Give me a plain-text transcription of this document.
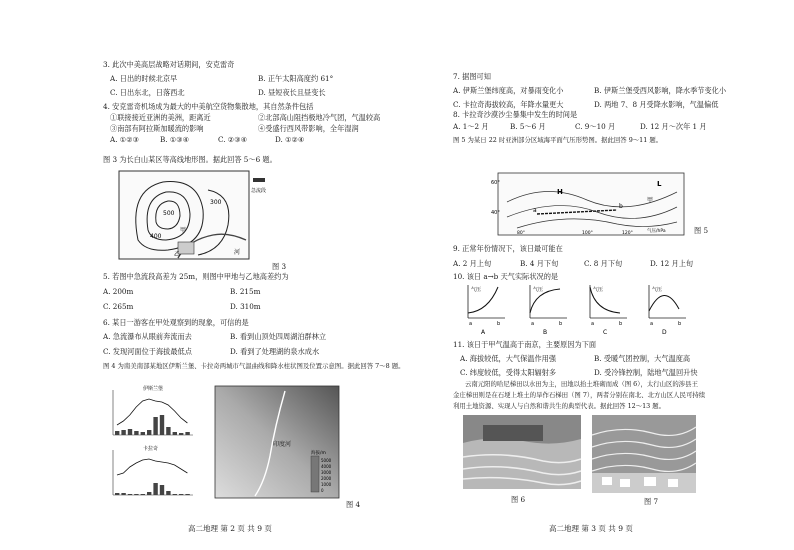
3. 此次中美高层战略对话期间，安克雷奇
A. 日出的时候北京早	B. 正午太阳高度约 61°
C. 日出东北，日落西北	D. 昼短夜长且昼变长
4. 安克雷奇机场成为最大的中美航空货物集散地，其自然条件包括
①联接接近亚洲的美洲，距离近	②北部高山阻挡极地冷气团，气温较高
③南部有阿拉斯加暖流的影响	④受盛行西风带影响，全年湿润
A. ①②③	B. ①③④	C. ②③④	D. ①②④
图 3 为长白山某区等高线地形图。据此回答 5～6 题。
5. 若图中急流段高差为 25m，则图中甲地与乙地高差约为
A. 200m	B. 215m
C. 265m	D. 310m
6. 某日一游客在甲处观察到的现象，可信的是
A. 急流瀑布从眼前奔流而去	B. 看到山顶处四周湖泊群林立
C. 发现河面位于海拔最低点	D. 看到了处理湖的泉水成水
图 4 为南美南部某地区伊斯兰堡、卡拉奇两城市气温曲线和降水柱状图及位置示意图。据此回答 7～8 题。
7. 据图可知
A. 伊斯兰堡纬度高，对暴雨变化小	B. 伊斯兰堡受西风影响，降水季节变化小
C. 卡拉奇海拔较高，年降水量更大	D. 两地 7、8 月受降水影响，气温偏低
8. 卡拉奇沙漠沙尘暴集中发生的时间是
A. 1～2 月	B. 5～6 月	C. 9～10 月	D. 12 月～次年 1 月
图 5 为某日 22 时亚洲部分区域海平面气压形势图。据此回答 9～11 题。
9. 正常年份情况下，该日最可能在
A. 2 月上旬	B. 4 月下旬	C. 8 月下旬	D. 12 月上旬
10. 该日 a→b 天气实际状况的是
11. 该日于甲气温高于南京，主要原因为下面
A. 海拔较低，大气保温作用强	B. 受暖气团控制，大气温度高
C. 纬度较低，受得太阳辐射多	D. 受冷锋控制，陆地气温回升快
云南元阳的哈尼梯田以水田为主，田地以抬土堆砌而成（图 6），太行山区的涉县王
金庄梯田则是在石埂上堆土的旱作石梯田（图 7），两者分别在南北、北方山区人民可持续
利用土地资源、实现人与自然和谐共生的典型代表。据此回答 12～13 题。
500
400
300
甲
乙
急流段
河
图 3
伊斯兰堡
卡拉奇
印度河
海拔/m
5000
4000
3000
2000
1000
0
图 4
高二地理 第 2 页 共 9 页
60°
40°	a
b
甲
H
L
气压/hPa
80°	100°	120°	图 5
气压
a	b
A
气压
a	b
B
气压
a	b
C
气压
a	b
D
图 6	图 7
高二地理 第 3 页 共 9 页
